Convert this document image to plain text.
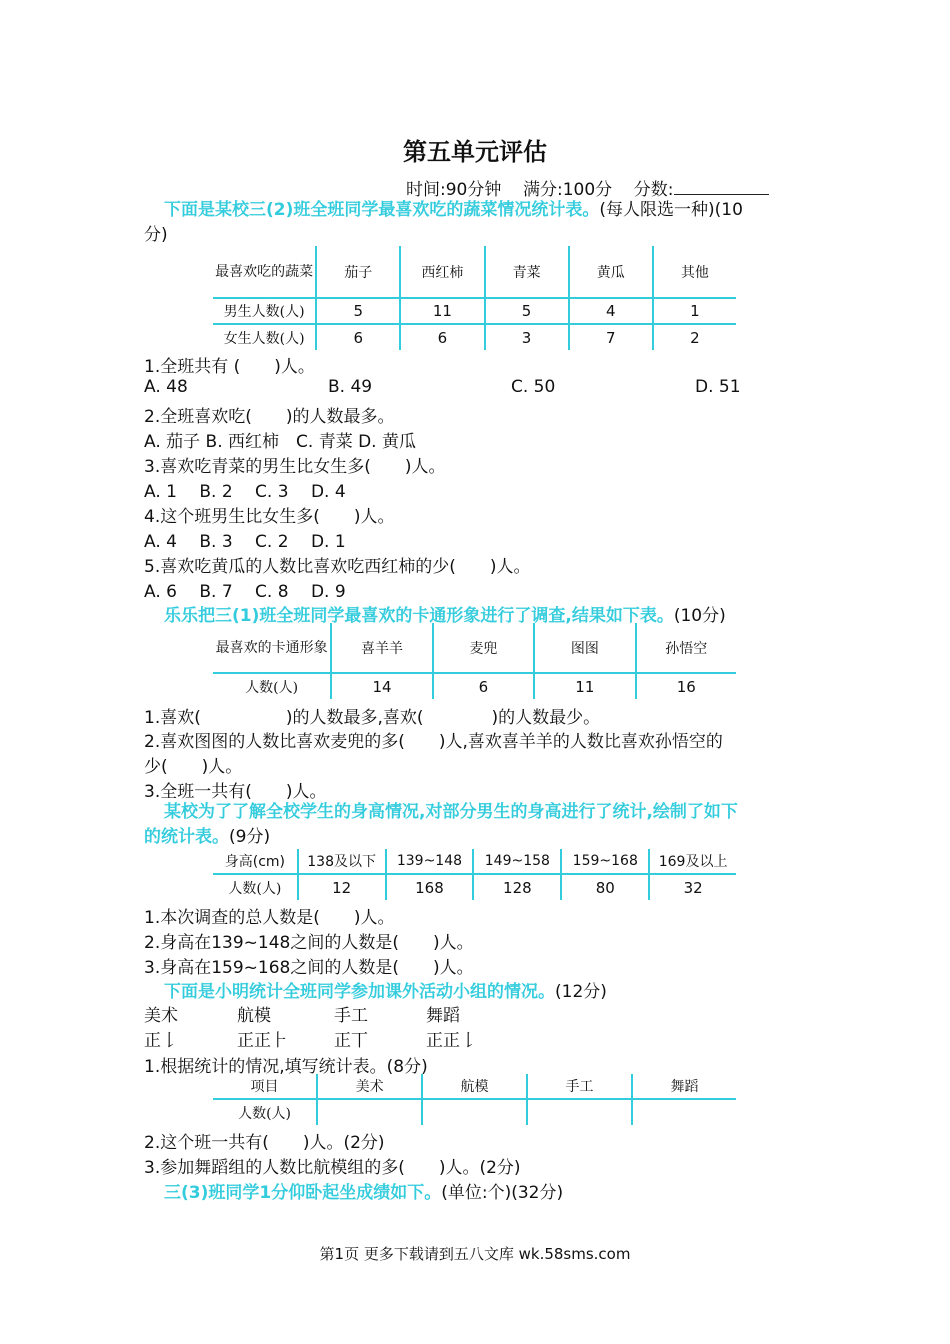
第五单元评估
时间:90分钟 满分:100分 分数:
下面是某校三(2)班全班同学最喜欢吃的蔬菜情况统计表。(每人限选一种)(10
分)
最喜欢吃的蔬菜	茄子	西红柿	青菜	黄瓜	其他
男生人数(人)	5	11	5	4	1
女生人数(人)	6	6	3	7	2
1.全班共有 (　　)人。
A. 48	B. 49	C. 50	D. 51
2.全班喜欢吃(　　)的人数最多。
A. 茄子 B. 西红柿　C. 青菜 D. 黄瓜
3.喜欢吃青菜的男生比女生多(　　)人。
A. 1　 B. 2　 C. 3　 D. 4
4.这个班男生比女生多(　　)人。
A. 4　 B. 3　 C. 2　 D. 1
5.喜欢吃黄瓜的人数比喜欢吃西红柿的少(　　)人。
A. 6　 B. 7　 C. 8　 D. 9
乐乐把三(1)班全班同学最喜欢的卡通形象进行了调查,结果如下表。(10分)
最喜欢的卡通形象	喜羊羊	麦兜	图图	孙悟空
人数(人)	14	6	11	16
1.喜欢(　　　　　)的人数最多,喜欢(　　　　)的人数最少。
2.喜欢图图的人数比喜欢麦兜的多(　　)人,喜欢喜羊羊的人数比喜欢孙悟空的
少(　　)人。
3.全班一共有(　　)人。
某校为了了解全校学生的身高情况,对部分男生的身高进行了统计,绘制了如下
的统计表。(9分)
身高(cm)	138及以下	139~148	149~158	159~168	169及以上
人数(人)	12	168	128	80	32
1.本次调查的总人数是(　　)人。
2.身高在139~148之间的人数是(　　)人。
3.身高在159~168之间的人数是(　　)人。
下面是小明统计全班同学参加课外活动小组的情况。(12分)
美术	航模	手工	舞蹈
正𠄌	正正⺊	正丅	正正𠄌
1.根据统计的情况,填写统计表。(8分)
项目	美术	航模	手工	舞蹈
人数(人)				
2.这个班一共有(　　)人。(2分)
3.参加舞蹈组的人数比航模组的多(　　)人。(2分)
三(3)班同学1分仰卧起坐成绩如下。(单位:个)(32分)
第1页 更多下载请到五八文库 wk.58sms.com
